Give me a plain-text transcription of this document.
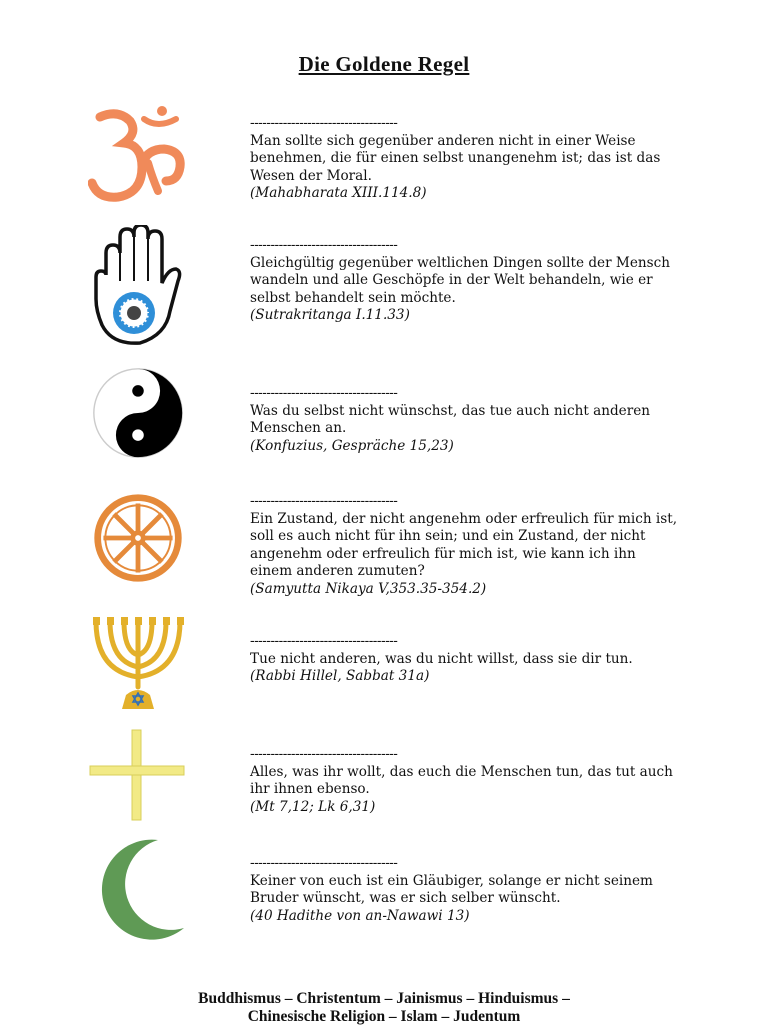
Die Goldene Regel
------------------------------------
Man sollte sich gegenüber anderen nicht in einer Weise benehmen, die für einen selbst unangenehm ist; das ist das Wesen der Moral.
(Mahabharata XIII.114.8)
------------------------------------
Gleichgültig gegenüber weltlichen Dingen sollte der Mensch wandeln und alle Geschöpfe in der Welt behandeln, wie er selbst behandelt sein möchte.
(Sutrakritanga I.11.33)
------------------------------------
Was du selbst nicht wünschst, das tue auch nicht anderen Menschen an.
(Konfuzius, Gespräche 15,23)
------------------------------------
Ein Zustand, der nicht angenehm oder erfreulich für mich ist, soll es auch nicht für ihn sein; und ein Zustand, der nicht angenehm oder erfreulich für mich ist, wie kann ich ihn einem anderen zumuten?
(Samyutta Nikaya V,353.35-354.2)
------------------------------------
Tue nicht anderen, was du nicht willst, dass sie dir tun.
(Rabbi Hillel, Sabbat 31a)
------------------------------------
Alles, was ihr wollt, das euch die Menschen tun, das tut auch ihr ihnen ebenso.
(Mt 7,12; Lk 6,31)
------------------------------------
Keiner von euch ist ein Gläubiger, solange er nicht seinem Bruder wünscht, was er sich selber wünscht.
(40 Hadithe von an-Nawawi 13)
Buddhismus – Christentum – Jainismus – Hinduismus –
Chinesische Religion – Islam – Judentum
